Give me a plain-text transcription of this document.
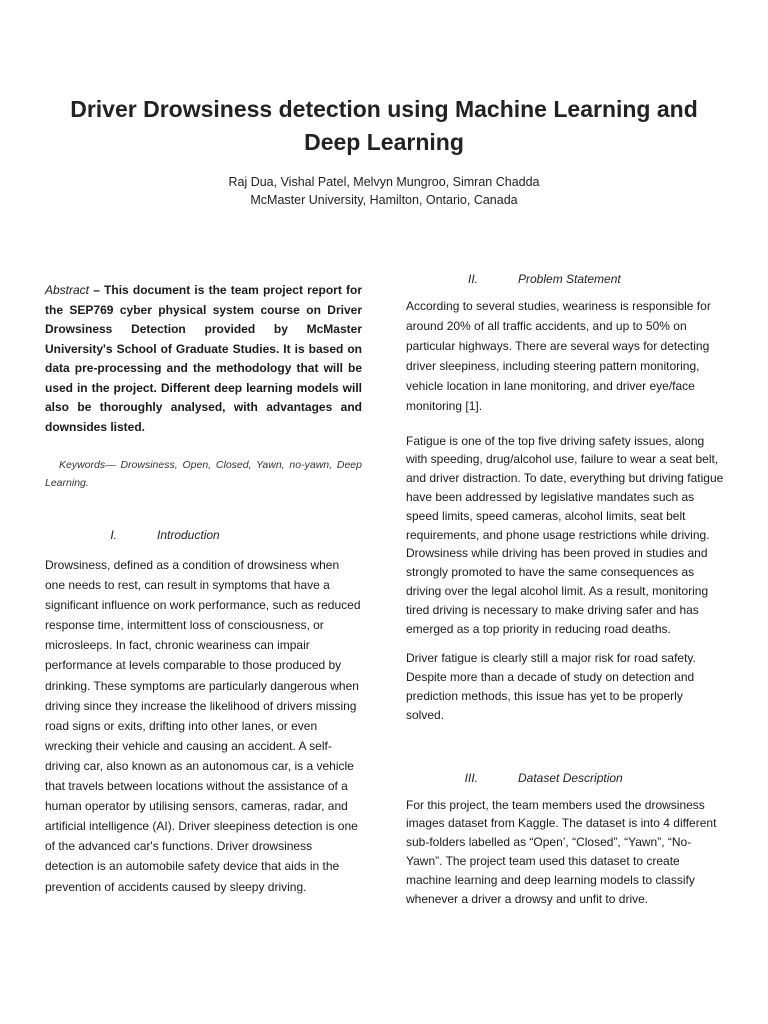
Driver Drowsiness detection using Machine Learning and Deep Learning
Raj Dua, Vishal Patel, Melvyn Mungroo, Simran Chadda
McMaster University, Hamilton, Ontario, Canada

Abstract – This document is the team project report for the SEP769 cyber physical system course on Driver Drowsiness Detection provided by McMaster University's School of Graduate Studies. It is based on data pre-processing and the methodology that will be used in the project. Different deep learning models will also be thoroughly analysed, with advantages and downsides listed.

Keywords— Drowsiness, Open, Closed, Yawn, no-yawn, Deep Learning.

I.	Introduction

Drowsiness, defined as a condition of drowsiness when one needs to rest, can result in symptoms that have a significant influence on work performance, such as reduced response time, intermittent loss of consciousness, or microsleeps. In fact, chronic weariness can impair performance at levels comparable to those produced by drinking. These symptoms are particularly dangerous when driving since they increase the likelihood of drivers missing road signs or exits, drifting into other lanes, or even wrecking their vehicle and causing an accident. A self-driving car, also known as an autonomous car, is a vehicle that travels between locations without the assistance of a human operator by utilising sensors, cameras, radar, and artificial intelligence (AI). Driver sleepiness detection is one of the advanced car's functions. Driver drowsiness detection is an automobile safety device that aids in the prevention of accidents caused by sleepy driving.

II.	Problem Statement

According to several studies, weariness is responsible for around 20% of all traffic accidents, and up to 50% on particular highways. There are several ways for detecting driver sleepiness, including steering pattern monitoring, vehicle location in lane monitoring, and driver eye/face monitoring [1].

Fatigue is one of the top five driving safety issues, along with speeding, drug/alcohol use, failure to wear a seat belt, and driver distraction. To date, everything but driving fatigue have been addressed by legislative mandates such as speed limits, speed cameras, alcohol limits, seat belt requirements, and phone usage restrictions while driving. Drowsiness while driving has been proved in studies and strongly promoted to have the same consequences as driving over the legal alcohol limit. As a result, monitoring tired driving is necessary to make driving safer and has emerged as a top priority in reducing road deaths.

Driver fatigue is clearly still a major risk for road safety. Despite more than a decade of study on detection and prediction methods, this issue has yet to be properly solved.

III.	Dataset Description

For this project, the team members used the drowsiness images dataset from Kaggle. The dataset is into 4 different sub-folders labelled as “Open’, “Closed”, “Yawn”, “No-Yawn”. The project team used this dataset to create machine learning and deep learning models to classify whenever a driver a drowsy and unfit to drive.
